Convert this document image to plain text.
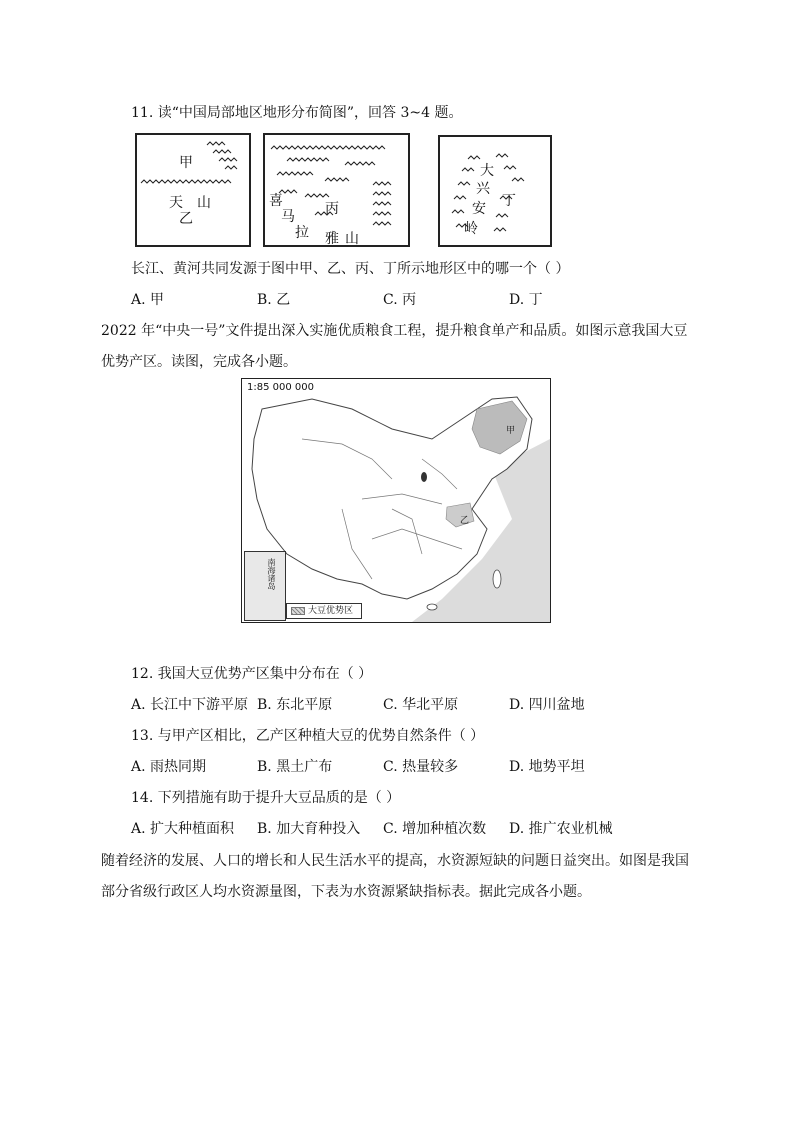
11. 读“中国局部地区地形分布简图”，回答 3~4 题。
甲
天 山
乙
喜
马
拉
丙
雅 山
大
兴
安
岭
丁
长江、黄河共同发源于图中甲、乙、丙、丁所示地形区中的哪一个（ ）
A. 甲	B. 乙	C. 丙	D. 丁
2022 年“中央一号”文件提出深入实施优质粮食工程，提升粮食单产和品质。如图示意我国大豆
优势产区。读图，完成各小题。
1:85 000 000
甲
乙
南海诸岛
大豆优势区
12. 我国大豆优势产区集中分布在（ ）
A. 长江中下游平原 B. 东北平原	C. 华北平原	D. 四川盆地
13. 与甲产区相比，乙产区种植大豆的优势自然条件（ ）
A. 雨热同期	B. 黑土广布	C. 热量较多	D. 地势平坦
14. 下列措施有助于提升大豆品质的是（ ）
A. 扩大种植面积 B. 加大育种投入 C. 增加种植次数 D. 推广农业机械
随着经济的发展、人口的增长和人民生活水平的提高，水资源短缺的问题日益突出。如图是我国
部分省级行政区人均水资源量图，下表为水资源紧缺指标表。据此完成各小题。
